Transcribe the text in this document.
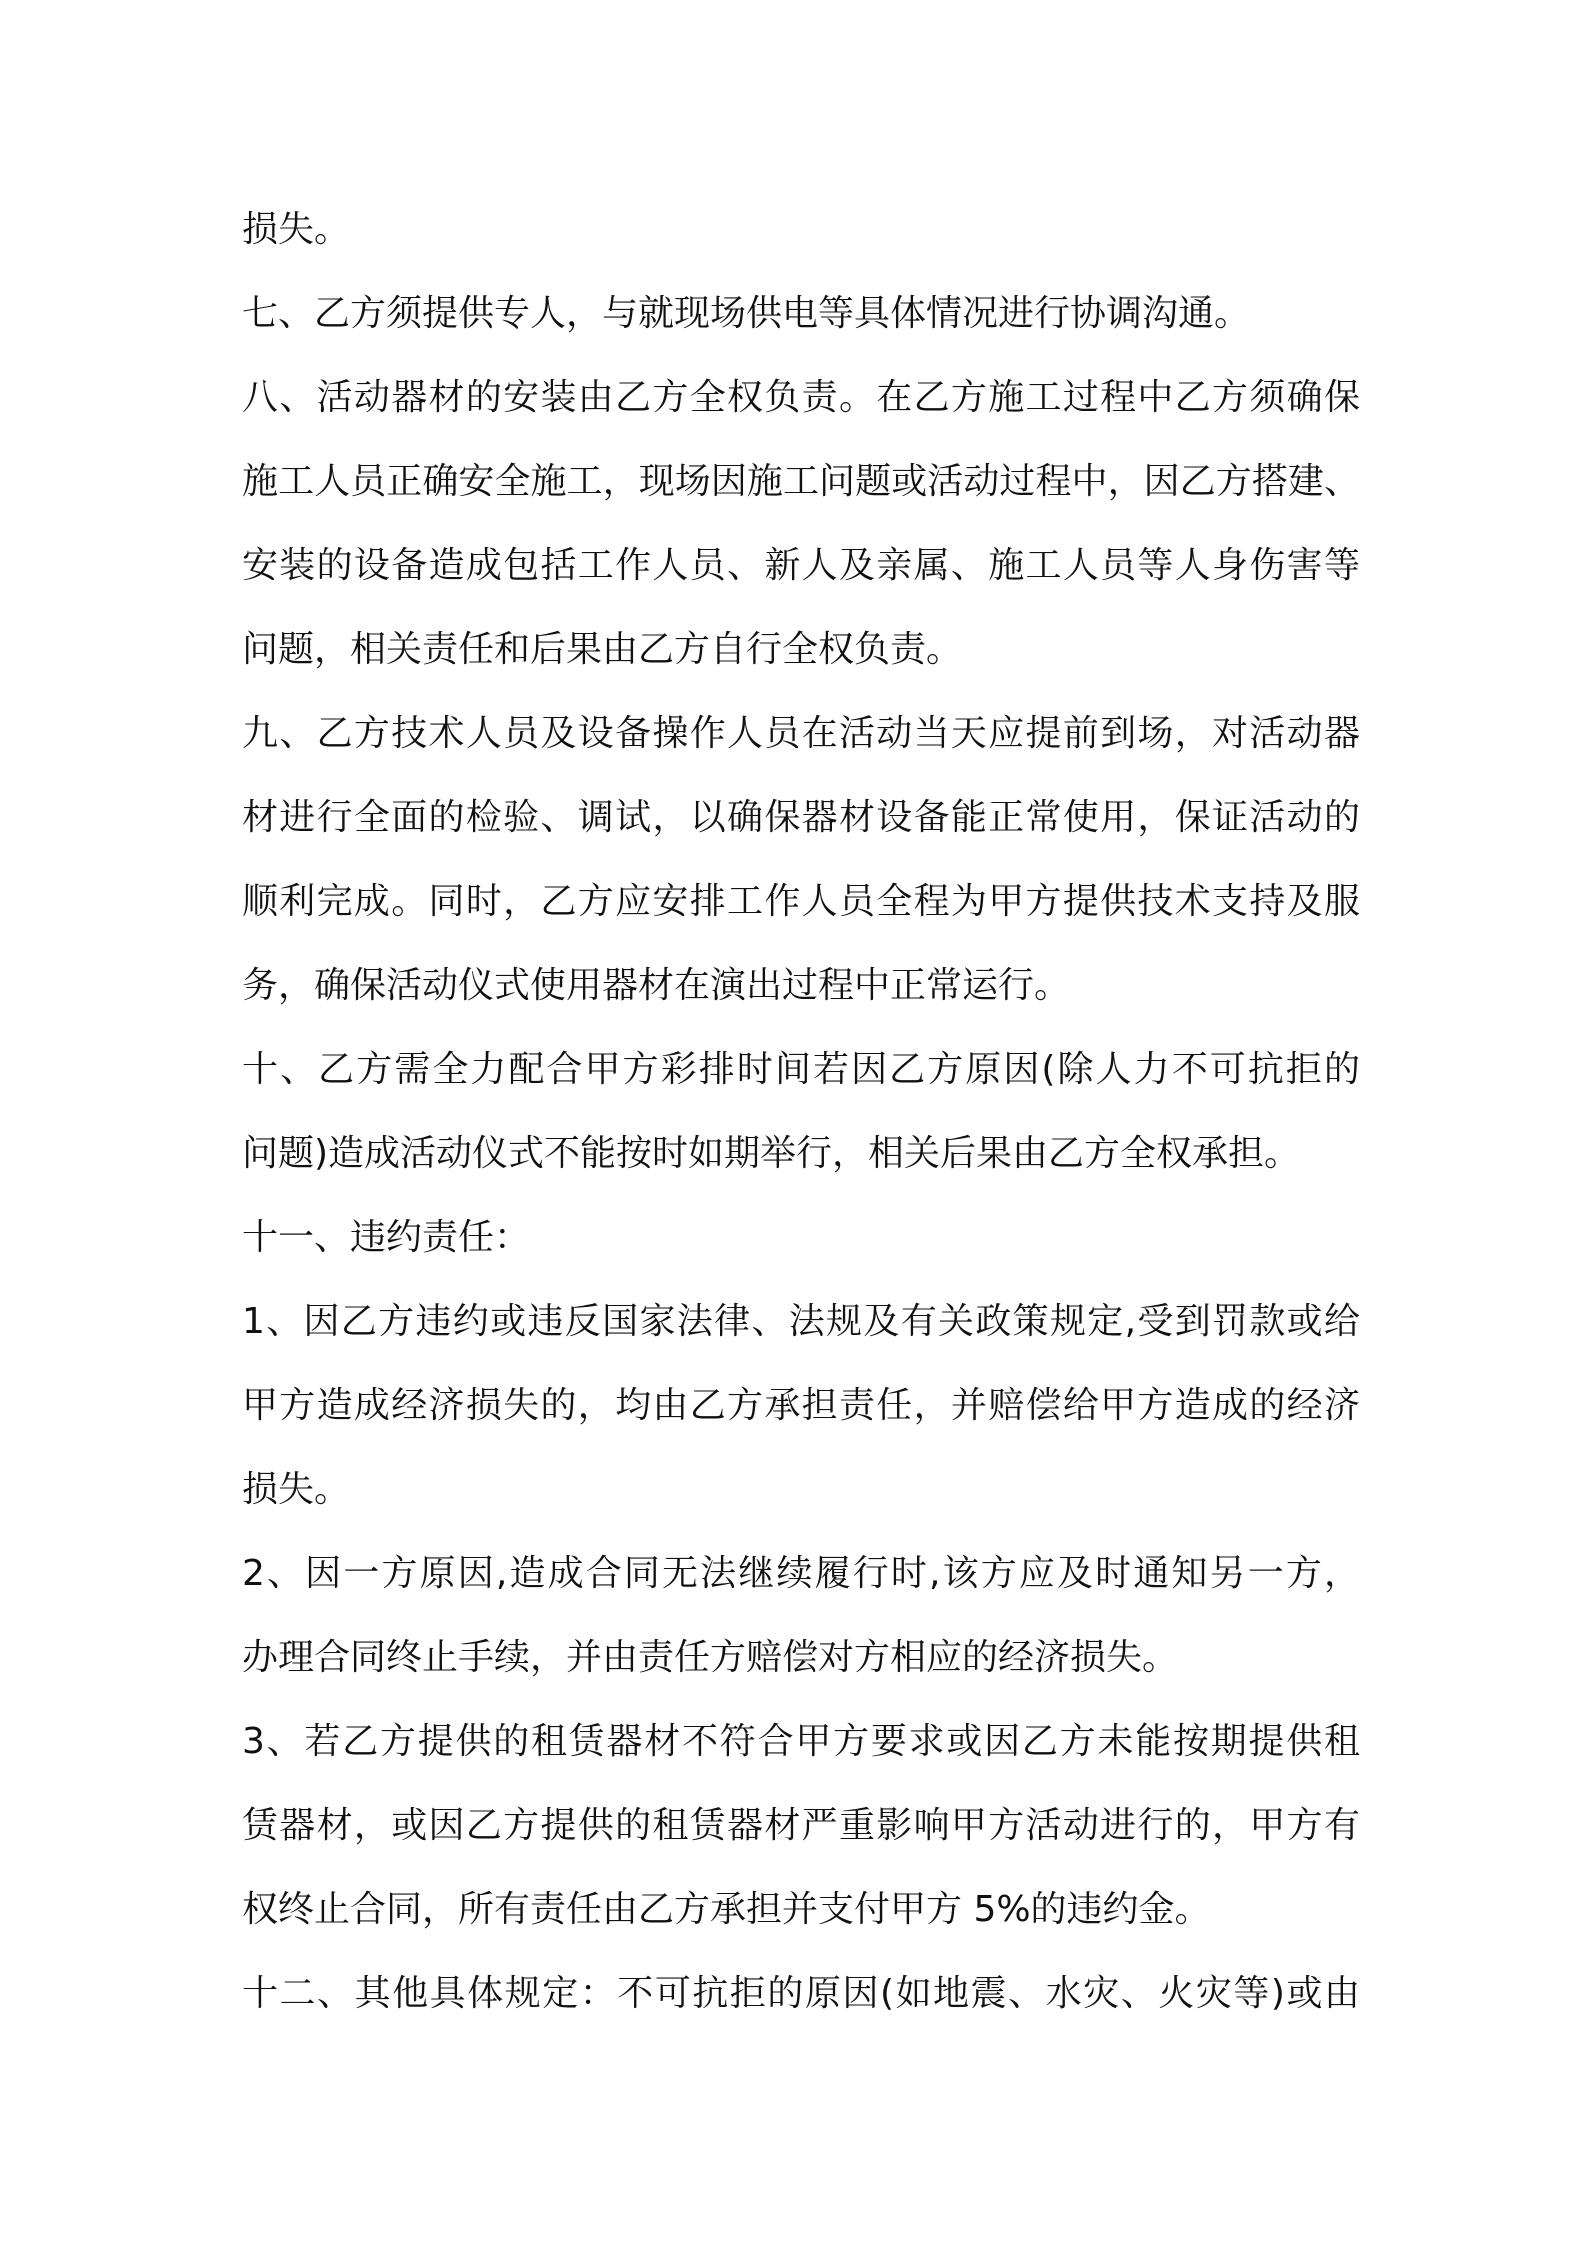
损失。
七、乙方须提供专人，与就现场供电等具体情况进行协调沟通。
八、活动器材的安装由乙方全权负责。在乙方施工过程中乙方须确保
施工人员正确安全施工，现场因施工问题或活动过程中，因乙方搭建、
安装的设备造成包括工作人员、新人及亲属、施工人员等人身伤害等
问题，相关责任和后果由乙方自行全权负责。
九、乙方技术人员及设备操作人员在活动当天应提前到场，对活动器
材进行全面的检验、调试，以确保器材设备能正常使用，保证活动的
顺利完成。同时，乙方应安排工作人员全程为甲方提供技术支持及服
务，确保活动仪式使用器材在演出过程中正常运行。
十、乙方需全力配合甲方彩排时间若因乙方原因(除人力不可抗拒的
问题)造成活动仪式不能按时如期举行，相关后果由乙方全权承担。
十一、违约责任：
1、因乙方违约或违反国家法律、法规及有关政策规定,受到罚款或给
甲方造成经济损失的，均由乙方承担责任，并赔偿给甲方造成的经济
损失。
2、因一方原因,造成合同无法继续履行时,该方应及时通知另一方，
办理合同终止手续，并由责任方赔偿对方相应的经济损失。
3、若乙方提供的租赁器材不符合甲方要求或因乙方未能按期提供租
赁器材，或因乙方提供的租赁器材严重影响甲方活动进行的，甲方有
权终止合同，所有责任由乙方承担并支付甲方 5%的违约金。
十二、其他具体规定：不可抗拒的原因(如地震、水灾、火灾等)或由
